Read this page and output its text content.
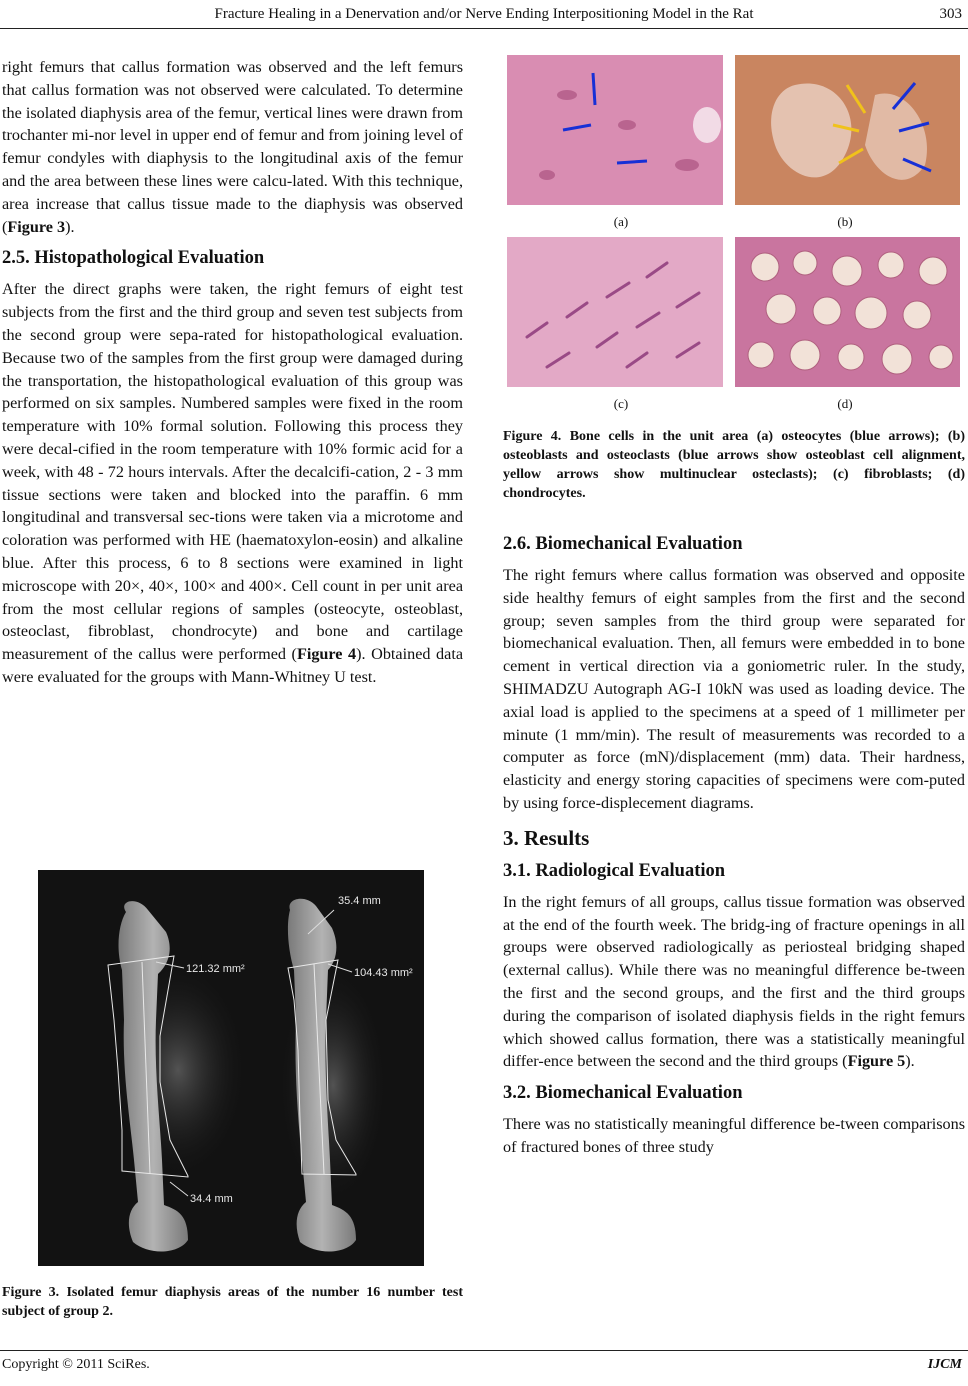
Fracture Healing in a Denervation and/or Nerve Ending Interpositioning Model in the Rat	303

right femurs that callus formation was observed and the left femurs that callus formation was not observed were calculated. To determine the isolated diaphysis area of the femur, vertical lines were drawn from trochanter mi-nor level in upper end of femur and from joining level of femur condyles with diaphysis to the longitudinal axis of the femur and the area between these lines were calcu-lated. With this technique, area increase that callus tissue made to the diaphysis was observed (Figure 3).

2.5. Histopathological Evaluation

After the direct graphs were taken, the right femurs of eight test subjects from the first and the third group and seven test subjects from the second group were sepa-rated for histopathological evaluation. Because two of the samples from the first group were damaged during the transportation, the histopathological evaluation of this group was performed on six samples. Numbered samples were fixed in the room temperature with 10% formal solution. Following this process they were decal-cified in the room temperature with 10% formic acid for a week, with 48 - 72 hours intervals. After the decalcifi-cation, 2 - 3 mm tissue sections were taken and blocked into the paraffin. 6 mm longitudinal and transversal sec-tions were taken via a microtome and coloration was performed with HE (haematoxylon-eosin) and alkaline blue. After this process, 6 to 8 sections were examined in light microscope with 20×, 40×, 100× and 400×. Cell count in per unit area from the most cellular regions of samples (osteocyte, osteoblast, osteoclast, fibroblast, chondrocyte) and bone and cartilage measurement of the callus were performed (Figure 4). Obtained data were evaluated for the groups with Mann-Whitney U test.

35.4 mm
121.32 mm²	104.43 mm²
34.4 mm
Figure 3. Isolated femur diaphysis areas of the number 16 number test subject of group 2.
(a)	(b)
(c)	(d)
Figure 4. Bone cells in the unit area (a) osteocytes (blue arrows); (b) osteoblasts and osteoclasts (blue arrows show osteoblast cell alignment, yellow arrows show multinuclear osteclasts); (c) fibroblasts; (d) chondrocytes.
2.6. Biomechanical Evaluation

The right femurs where callus formation was observed and opposite side healthy femurs of eight samples from the first and the second group; seven samples from the third group were separated for biomechanical evaluation. Then, all femurs were embedded in to bone cement in vertical direction via a goniometric ruler. In the study, SHIMADZU Autograph AG-I 10kN was used as loading device. The axial load is applied to the specimens at a speed of 1 millimeter per minute (1 mm/min). The result of measurements was recorded to a computer as force (mN)/displacement (mm) data. Their hardness, elasticity and energy storing capacities of specimens were com-puted by using force-displecement diagrams.

3. Results
3.1. Radiological Evaluation

In the right femurs of all groups, callus tissue formation was observed at the end of the fourth week. The bridg-ing of fracture openings in all groups were observed radiologically as periosteal bridging shaped (external callus). While there was no meaningful difference be-tween the first and the second groups, and the first and the third groups during the comparison of isolated diaphysis fields in the right femurs which showed callus formation, there was a statistically meaningful differ-ence between the second and the third groups (Figure 5).

3.2. Biomechanical Evaluation

There was no statistically meaningful difference be-tween comparisons of fractured bones of three study

Copyright © 2011 SciRes.	IJCM
